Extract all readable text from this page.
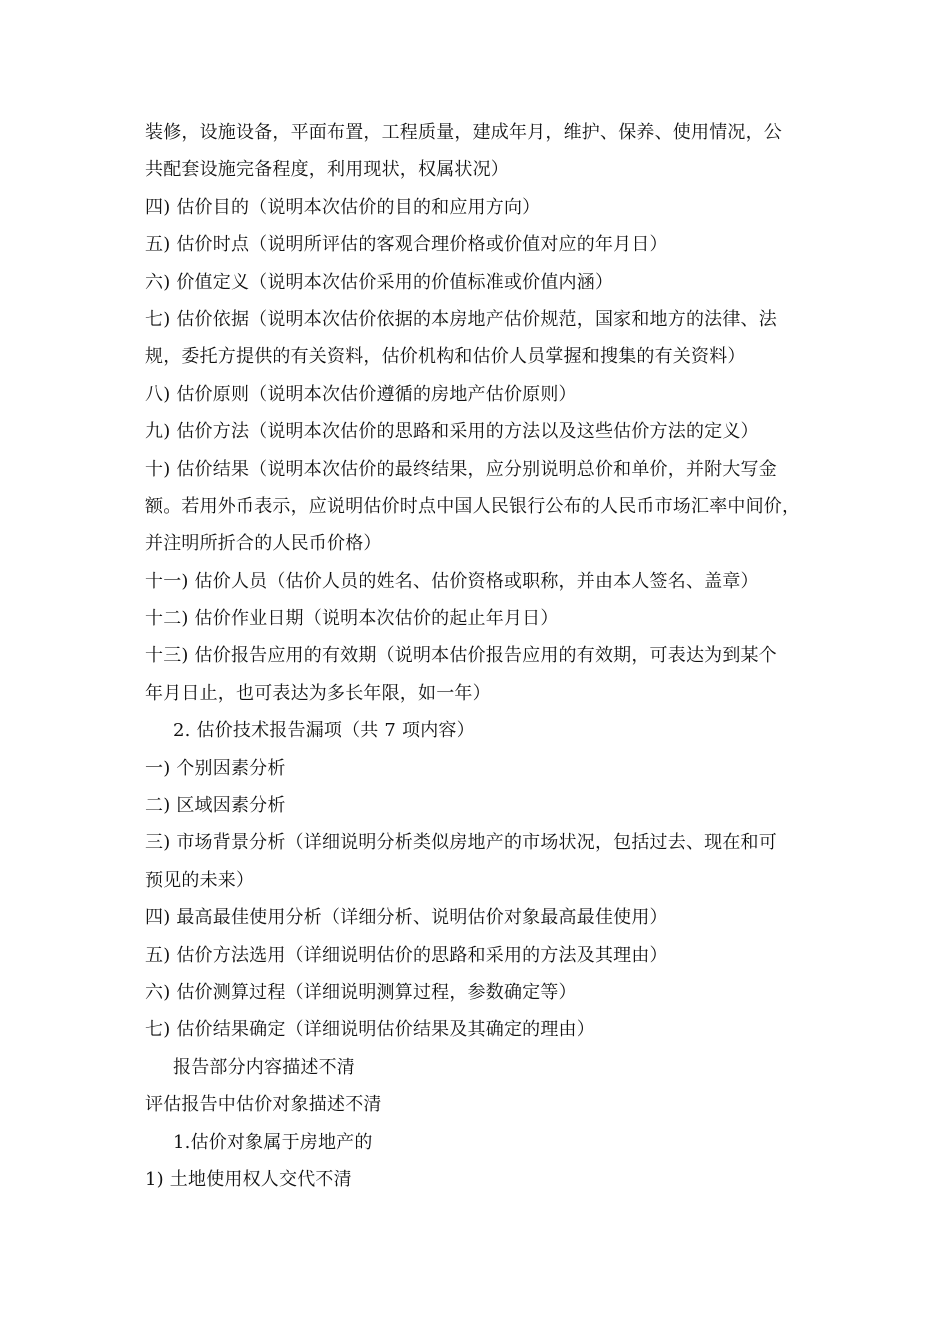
装修，设施设备，平面布置，工程质量，建成年月，维护、保养、使用情况，公
共配套设施完备程度，利用现状，权属状况）
四) 估价目的（说明本次估价的目的和应用方向）
五) 估价时点（说明所评估的客观合理价格或价值对应的年月日）
六) 价值定义（说明本次估价采用的价值标准或价值内涵）
七) 估价依据（说明本次估价依据的本房地产估价规范，国家和地方的法律、法
规，委托方提供的有关资料，估价机构和估价人员掌握和搜集的有关资料）
八) 估价原则（说明本次估价遵循的房地产估价原则）
九) 估价方法（说明本次估价的思路和采用的方法以及这些估价方法的定义）
十) 估价结果（说明本次估价的最终结果，应分别说明总价和单价，并附大写金
额。若用外币表示，应说明估价时点中国人民银行公布的人民币市场汇率中间价，
并注明所折合的人民币价格）
十一) 估价人员（估价人员的姓名、估价资格或职称，并由本人签名、盖章）
十二) 估价作业日期（说明本次估价的起止年月日）
十三) 估价报告应用的有效期（说明本估价报告应用的有效期，可表达为到某个
年月日止，也可表达为多长年限，如一年）
2. 估价技术报告漏项（共 7 项内容）
一) 个别因素分析
二) 区域因素分析
三) 市场背景分析（详细说明分析类似房地产的市场状况，包括过去、现在和可
预见的未来）
四) 最高最佳使用分析（详细分析、说明估价对象最高最佳使用）
五) 估价方法选用（详细说明估价的思路和采用的方法及其理由）
六) 估价测算过程（详细说明测算过程，参数确定等）
七) 估价结果确定（详细说明估价结果及其确定的理由）
报告部分内容描述不清
评估报告中估价对象描述不清
1.估价对象属于房地产的
1) 土地使用权人交代不清
